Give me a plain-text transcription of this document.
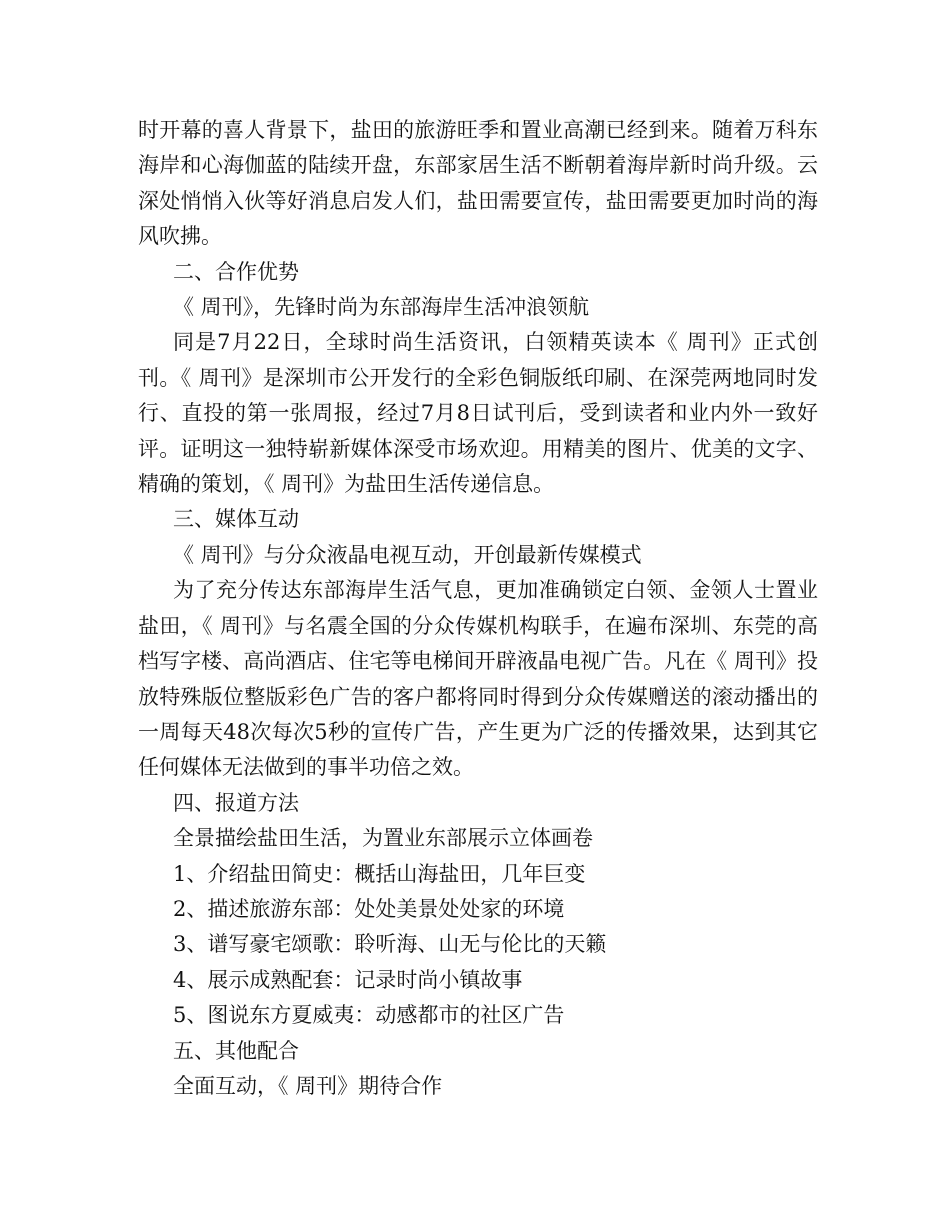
时开幕的喜人背景下，盐田的旅游旺季和置业高潮已经到来。随着万科东海岸和心海伽蓝的陆续开盘，东部家居生活不断朝着海岸新时尚升级。云深处悄悄入伙等好消息启发人们，盐田需要宣传，盐田需要更加时尚的海风吹拂。

二、合作优势

《 周刊》，先锋时尚为东部海岸生活冲浪领航

同是7月22日，全球时尚生活资讯，白领精英读本《 周刊》正式创刊。《 周刊》是深圳市公开发行的全彩色铜版纸印刷、在深莞两地同时发行、直投的第一张周报，经过7月8日试刊后，受到读者和业内外一致好评。证明这一独特崭新媒体深受市场欢迎。用精美的图片、优美的文字、精确的策划，《 周刊》为盐田生活传递信息。

三、媒体互动

《 周刊》与分众液晶电视互动，开创最新传媒模式

为了充分传达东部海岸生活气息，更加准确锁定白领、金领人士置业盐田，《 周刊》与名震全国的分众传媒机构联手，在遍布深圳、东莞的高档写字楼、高尚酒店、住宅等电梯间开辟液晶电视广告。凡在《 周刊》投放特殊版位整版彩色广告的客户都将同时得到分众传媒赠送的滚动播出的一周每天48次每次5秒的宣传广告，产生更为广泛的传播效果，达到其它任何媒体无法做到的事半功倍之效。

四、报道方法

全景描绘盐田生活，为置业东部展示立体画卷

1、介绍盐田简史：概括山海盐田，几年巨变

2、描述旅游东部：处处美景处处家的环境

3、谱写豪宅颂歌：聆听海、山无与伦比的天籁

4、展示成熟配套：记录时尚小镇故事

5、图说东方夏威夷：动感都市的社区广告

五、其他配合

全面互动，《 周刊》期待合作
